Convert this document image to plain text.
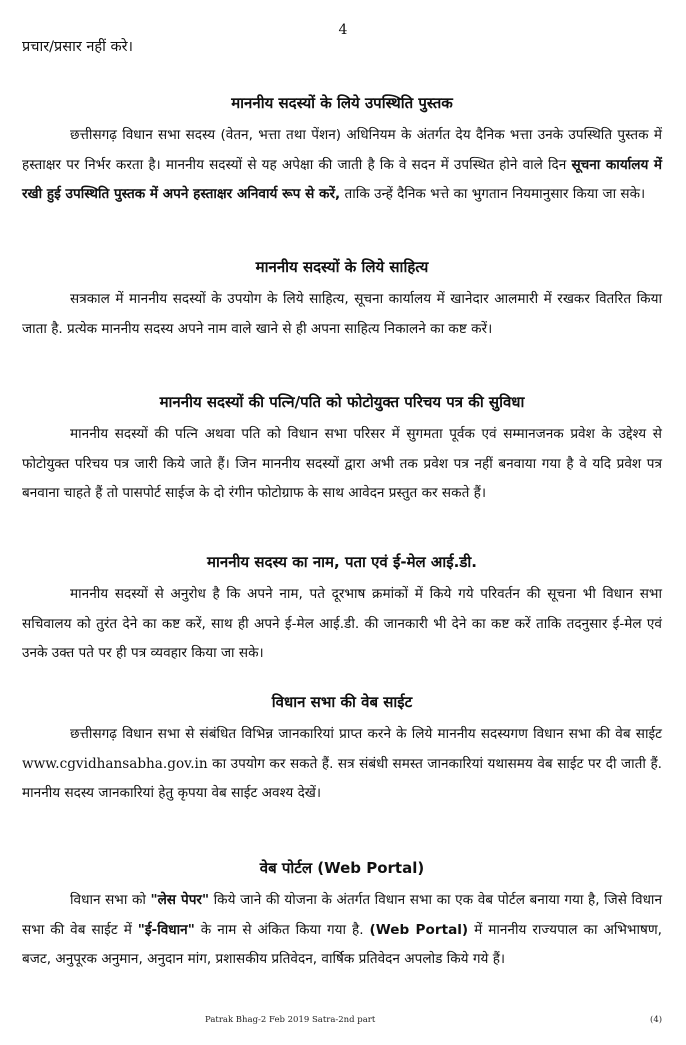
4
प्रचार/प्रसार नहीं करे।
माननीय सदस्यों के लिये उपस्थिति पुस्तक

छत्तीसगढ़ विधान सभा सदस्य (वेतन, भत्ता तथा पेंशन) अधिनियम के अंतर्गत देय दैनिक भत्ता उनके उपस्थिति पुस्तक में हस्ताक्षर पर निर्भर करता है। माननीय सदस्यों से यह अपेक्षा की जाती है कि वे सदन में उपस्थित होने वाले दिन सूचना कार्यालय में रखी हुई उपस्थिति पुस्तक में अपने हस्ताक्षर अनिवार्य रूप से करें, ताकि उन्हें दैनिक भत्ते का भुगतान नियमानुसार किया जा सके।

माननीय सदस्यों के लिये साहित्य

सत्रकाल में माननीय सदस्यों के उपयोग के लिये साहित्य, सूचना कार्यालय में खानेदार आलमारी में रखकर वितरित किया जाता है. प्रत्येक माननीय सदस्य अपने नाम वाले खाने से ही अपना साहित्य निकालने का कष्ट करें।

माननीय सदस्यों की पत्नि/पति को फोटोयुक्त परिचय पत्र की सुविधा

माननीय सदस्यों की पत्नि अथवा पति को विधान सभा परिसर में सुगमता पूर्वक एवं सम्मानजनक प्रवेश के उद्देश्य से फोटोयुक्त परिचय पत्र जारी किये जाते हैं। जिन माननीय सदस्यों द्वारा अभी तक प्रवेश पत्र नहीं बनवाया गया है वे यदि प्रवेश पत्र बनवाना चाहते हैं तो पासपोर्ट साईज के दो रंगीन फोटोग्राफ के साथ आवेदन प्रस्तुत कर सकते हैं।

माननीय सदस्य का नाम, पता एवं ई-मेल आई.डी.

माननीय सदस्यों से अनुरोध है कि अपने नाम, पते दूरभाष क्रमांकों में किये गये परिवर्तन की सूचना भी विधान सभा सचिवालय को तुरंत देने का कष्ट करें, साथ ही अपने ई-मेल आई.डी. की जानकारी भी देने का कष्ट करें ताकि तदनुसार ई-मेल एवं उनके उक्त पते पर ही पत्र व्यवहार किया जा सके।

विधान सभा की वेब साईट

छत्तीसगढ़ विधान सभा से संबंधित विभिन्न जानकारियां प्राप्त करने के लिये माननीय सदस्यगण विधान सभा की वेब साईट www.cgvidhansabha.gov.in का उपयोग कर सकते हैं. सत्र संबंधी समस्त जानकारियां यथासमय वेब साईट पर दी जाती हैं. माननीय सदस्य जानकारियां हेतु कृपया वेब साईट अवश्य देखें।

वेब पोर्टल (Web Portal)

विधान सभा को "लेस पेपर" किये जाने की योजना के अंतर्गत विधान सभा का एक वेब पोर्टल बनाया गया है, जिसे विधान सभा की वेब साईट में "ई-विधान" के नाम से अंकित किया गया है. (Web Portal) में माननीय राज्यपाल का अभिभाषण, बजट, अनुपूरक अनुमान, अनुदान मांग, प्रशासकीय प्रतिवेदन, वार्षिक प्रतिवेदन अपलोड किये गये हैं।

Patrak Bhag-2 Feb 2019 Satra-2nd part	(4)
